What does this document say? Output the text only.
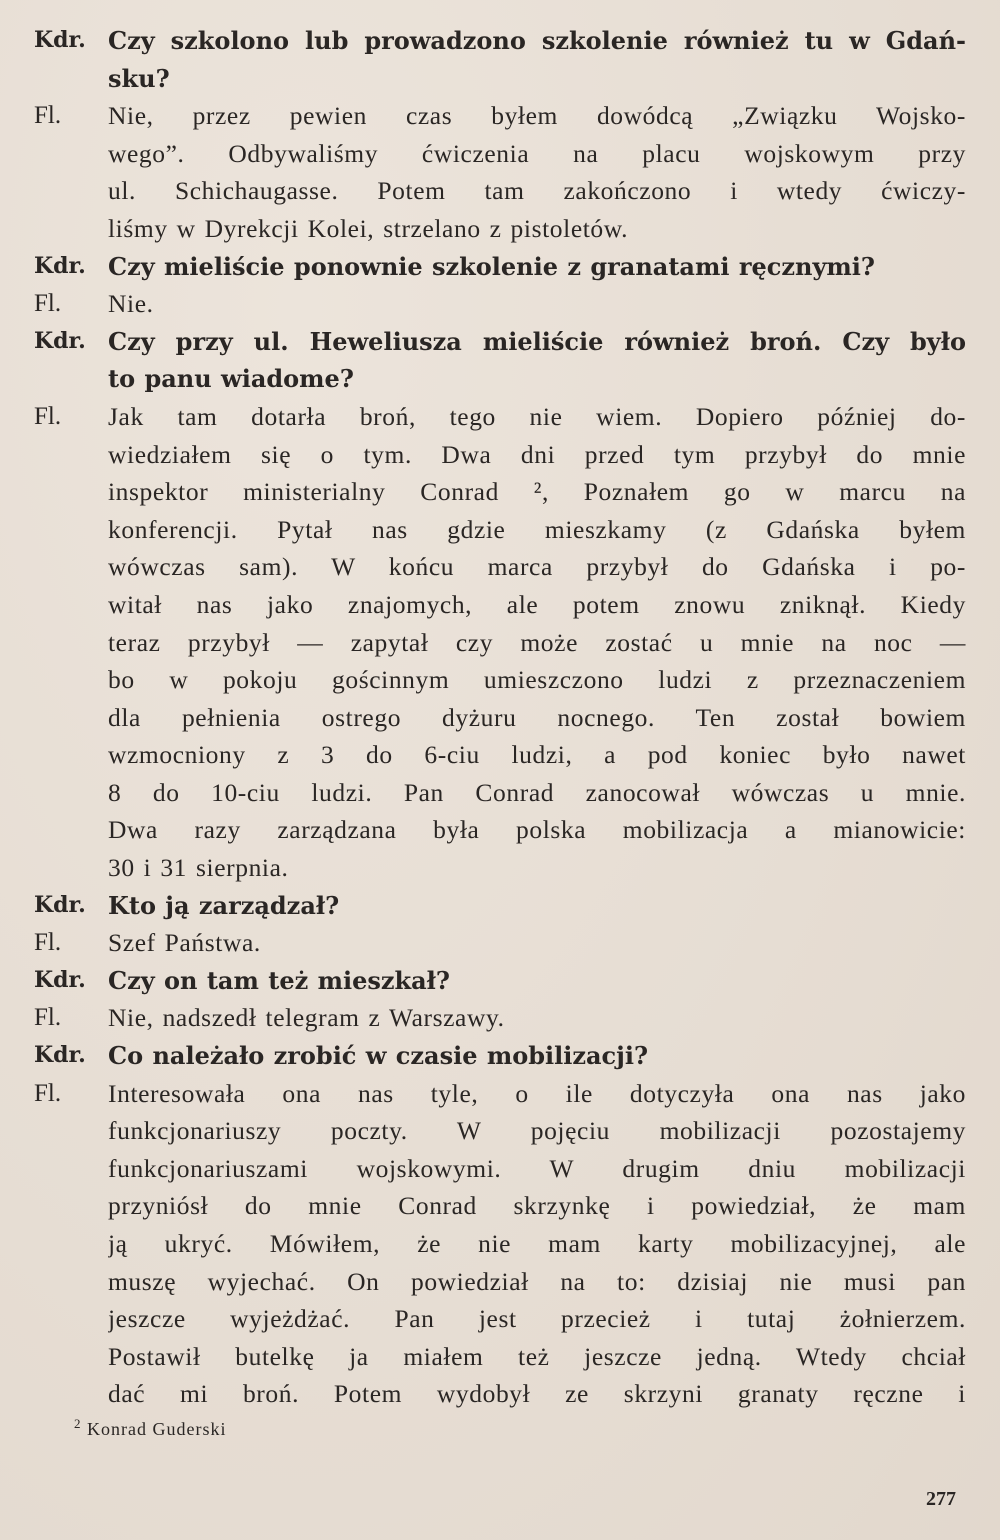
Kdr. Czy szkolono lub prowadzono szkolenie również tu w Gdań-
sku?
Fl.	Nie, przez pewien czas byłem dowódcą „Związku Wojsko-
wego”. Odbywaliśmy ćwiczenia na placu wojskowym przy
ul. Schichaugasse. Potem tam zakończono i wtedy ćwiczy-
liśmy w Dyrekcji Kolei, strzelano z pistoletów.
Kdr. Czy mieliście ponownie szkolenie z granatami ręcznymi?
Fl.	Nie.
Kdr. Czy przy ul. Heweliusza mieliście również broń. Czy było
to panu wiadome?
Fl.	Jak tam dotarła broń, tego nie wiem. Dopiero później do-
wiedziałem się o tym. Dwa dni przed tym przybył do mnie
inspektor ministerialny Conrad ², Poznałem go w marcu na
konferencji. Pytał nas gdzie mieszkamy (z Gdańska byłem
wówczas sam). W końcu marca przybył do Gdańska i po-
witał nas jako znajomych, ale potem znowu zniknął. Kiedy
teraz przybył — zapytał czy może zostać u mnie na noc —
bo w pokoju gościnnym umieszczono ludzi z przeznaczeniem
dla pełnienia ostrego dyżuru nocnego. Ten został bowiem
wzmocniony z 3 do 6-ciu ludzi, a pod koniec było nawet
8 do 10-ciu ludzi. Pan Conrad zanocował wówczas u mnie.
Dwa razy zarządzana była polska mobilizacja a mianowicie:
30 i 31 sierpnia.
Kdr. Kto ją zarządzał?
Fl.	Szef Państwa.
Kdr. Czy on tam też mieszkał?
Fl.	Nie, nadszedł telegram z Warszawy.
Kdr. Co należało zrobić w czasie mobilizacji?
Fl.	Interesowała ona nas tyle, o ile dotyczyła ona nas jako
funkcjonariuszy poczty. W pojęciu mobilizacji pozostajemy
funkcjonariuszami wojskowymi. W drugim dniu mobilizacji
przyniósł do mnie Conrad skrzynkę i powiedział, że mam
ją ukryć. Mówiłem, że nie mam karty mobilizacyjnej, ale
muszę wyjechać. On powiedział na to: dzisiaj nie musi pan
jeszcze wyjeżdżać. Pan jest przecież i tutaj żołnierzem.
Postawił butelkę ja miałem też jeszcze jedną. Wtedy chciał
dać mi broń. Potem wydobył ze skrzyni granaty ręczne i
$^2$ Konrad Guderski
277
